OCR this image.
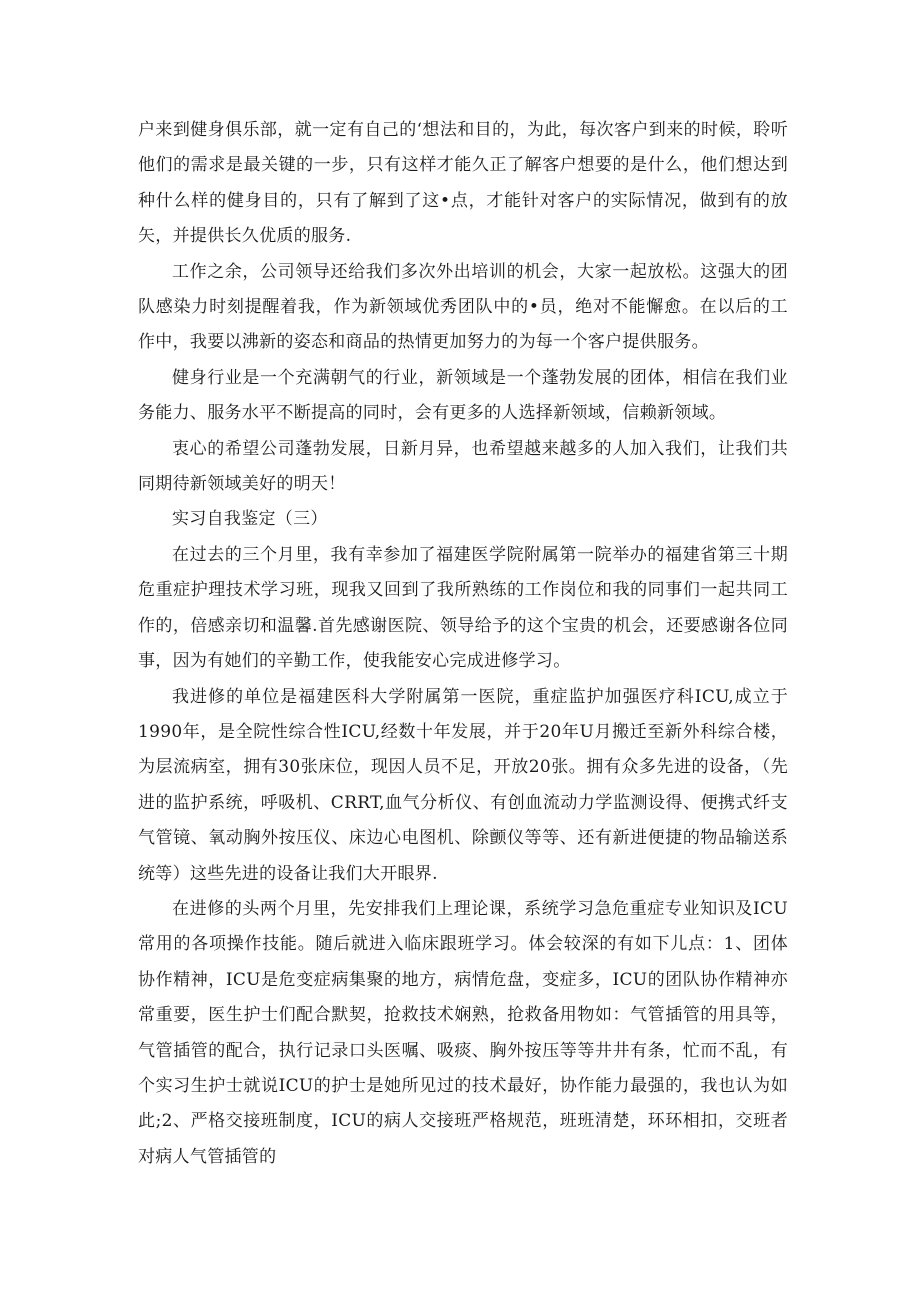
户来到健身俱乐部，就一定有自己的‘想法和目的，为此，每次客户到来的时候，聆听他们的需求是最关键的一步，只有这样才能久正了解客户想要的是什么，他们想达到种什么样的健身目的，只有了解到了这•点，才能针对客户的实际情况，做到有的放矢，并提供长久优质的服务.

工作之余，公司领导还给我们多次外出培训的机会，大家一起放松。这强大的团队感染力时刻提醒着我，作为新领域优秀团队中的•员，绝对不能懈愈。在以后的工作中，我要以沸新的姿态和商品的热情更加努力的为每一个客户提供服务。

健身行业是一个充满朝气的行业，新领域是一个蓬勃发展的团体，相信在我们业务能力、服务水平不断提高的同时，会有更多的人选择新领域，信赖新领域。

衷心的希望公司蓬勃发展，日新月异，也希望越来越多的人加入我们，让我们共同期待新领域美好的明天！

实习自我鉴定（三）

在过去的三个月里，我有幸参加了福建医学院附属第一院举办的福建省第三十期危重症护理技术学习班，现我又回到了我所熟练的工作岗位和我的同事们一起共同工作的，倍感亲切和温馨.首先感谢医院、领导给予的这个宝贵的机会，还要感谢各位同事，因为有她们的辛勤工作，使我能安心完成进修学习。

我进修的单位是福建医科大学附属第一医院，重症监护加强医疗科ICU,成立于1990年，是全院性综合性ICU,经数十年发展，并于20年U月搬迁至新外科综合楼，为层流病室，拥有30张床位，现因人员不足，开放20张。拥有众多先进的设备，（先进的监护系统，呼吸机、CRRT,血气分析仪、有创血流动力学监测设得、便携式纤支气管镜、氧动胸外按压仪、床边心电图机、除颤仪等等、还有新进便捷的物品输送系统等）这些先进的设备让我们大开眼界.

在进修的头两个月里，先安排我们上理论课，系统学习急危重症专业知识及ICU常用的各项操作技能。随后就进入临床跟班学习。体会较深的有如下儿点：1、团体协作精神，ICU是危变症病集聚的地方，病情危盘，变症多，ICU的团队协作精神亦常重要，医生护士们配合默契，抢救技术娴熟，抢救备用物如：气管插管的用具等，气管插管的配合，执行记录口头医嘱、吸痰、胸外按压等等井井有条，忙而不乱，有个实习生护士就说ICU的护士是她所见过的技术最好，协作能力最强的，我也认为如此;2、严格交接班制度，ICU的病人交接班严格规范，班班清楚，环环相扣，交班者对病人气管插管的
